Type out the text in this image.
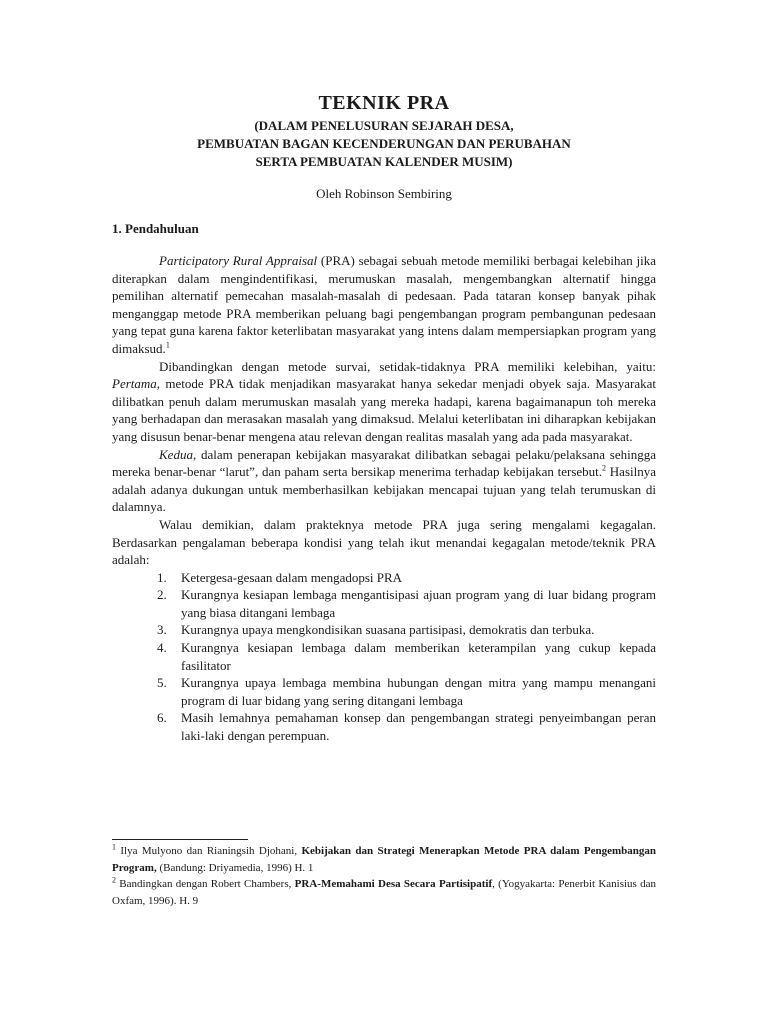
TEKNIK PRA
(DALAM PENELUSURAN SEJARAH DESA,
PEMBUATAN BAGAN KECENDERUNGAN DAN PERUBAHAN
SERTA PEMBUATAN KALENDER MUSIM)
Oleh Robinson Sembiring
1. Pendahuluan

Participatory Rural Appraisal (PRA) sebagai sebuah metode memiliki berbagai kelebihan jika diterapkan dalam mengindentifikasi, merumuskan masalah, mengembangkan alternatif hingga pemilihan alternatif pemecahan masalah-masalah di pedesaan. Pada tataran konsep banyak pihak menganggap metode PRA memberikan peluang bagi pengembangan program pembangunan pedesaan yang tepat guna karena faktor keterlibatan masyarakat yang intens dalam mempersiapkan program yang dimaksud.$^1$

Dibandingkan dengan metode survai, setidak-tidaknya PRA memiliki kelebihan, yaitu: Pertama, metode PRA tidak menjadikan masyarakat hanya sekedar menjadi obyek saja. Masyarakat dilibatkan penuh dalam merumuskan masalah yang mereka hadapi, karena bagaimanapun toh mereka yang berhadapan dan merasakan masalah yang dimaksud. Melalui keterlibatan ini diharapkan kebijakan yang disusun benar-benar mengena atau relevan dengan realitas masalah yang ada pada masyarakat.

Kedua, dalam penerapan kebijakan masyarakat dilibatkan sebagai pelaku/pelaksana sehingga mereka benar-benar “larut”, dan paham serta bersikap menerima terhadap kebijakan tersebut.$^2$ Hasilnya adalah adanya dukungan untuk memberhasilkan kebijakan mencapai tujuan yang telah terumuskan di dalamnya.

Walau demikian, dalam prakteknya metode PRA juga sering mengalami kegagalan. Berdasarkan pengalaman beberapa kondisi yang telah ikut menandai kegagalan metode/teknik PRA adalah:

1. Ketergesa-gesaan dalam mengadopsi PRA
2. Kurangnya kesiapan lembaga mengantisipasi ajuan program yang di luar bidang program yang biasa ditangani lembaga
3. Kurangnya upaya mengkondisikan suasana partisipasi, demokratis dan terbuka.
4. Kurangnya kesiapan lembaga dalam memberikan keterampilan yang cukup kepada fasilitator
5. Kurangnya upaya lembaga membina hubungan dengan mitra yang mampu menangani program di luar bidang yang sering ditangani lembaga
6. Masih lemahnya pemahaman konsep dan pengembangan strategi penyeimbangan peran laki-laki dengan perempuan.

$^1$ Ilya Mulyono dan Rianingsih Djohani, Kebijakan dan Strategi Menerapkan Metode PRA dalam Pengembangan Program, (Bandung: Driyamedia, 1996) H. 1

$^2$ Bandingkan dengan Robert Chambers, PRA-Memahami Desa Secara Partisipatif, (Yogyakarta: Penerbit Kanisius dan Oxfam, 1996). H. 9
